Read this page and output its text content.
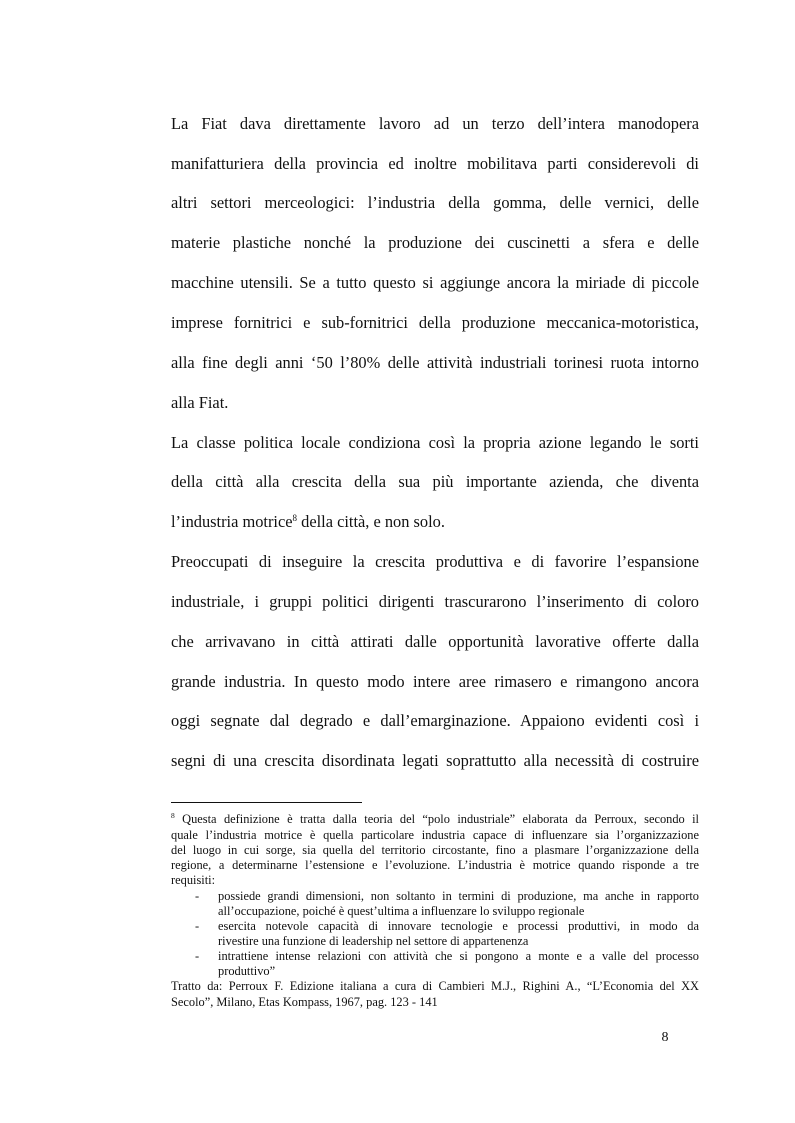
La Fiat dava direttamente lavoro ad un terzo dell’intera manodopera
manifatturiera della provincia ed inoltre mobilitava parti considerevoli di
altri settori merceologici: l’industria della gomma, delle vernici, delle
materie plastiche nonché la produzione dei cuscinetti a sfera e delle
macchine utensili. Se a tutto questo si aggiunge ancora la miriade di piccole
imprese fornitrici e sub-fornitrici della produzione meccanica-motoristica,
alla fine degli anni ‘50 l’80% delle attività industriali torinesi ruota intorno
alla Fiat.
La classe politica locale condiziona così la propria azione legando le sorti
della città alla crescita della sua più importante azienda, che diventa
l’industria motrice$^8$ della città, e non solo.
Preoccupati di inseguire la crescita produttiva e di favorire l’espansione
industriale, i gruppi politici dirigenti trascurarono l’inserimento di coloro
che arrivavano in città attirati dalle opportunità lavorative offerte dalla
grande industria. In questo modo intere aree rimasero e rimangono ancora
oggi segnate dal degrado e dall’emarginazione. Appaiono evidenti così i
segni di una crescita disordinata legati soprattutto alla necessità di costruire
$^8$ Questa definizione è tratta dalla teoria del “polo industriale” elaborata da Perroux, secondo il
quale l’industria motrice è quella particolare industria capace di influenzare sia l’organizzazione
del luogo in cui sorge, sia quella del territorio circostante, fino a plasmare l’organizzazione della
regione, a determinarne l’estensione e l’evoluzione. L’industria è motrice quando risponde a tre
requisiti:
- possiede grandi dimensioni, non soltanto in termini di produzione, ma anche in rapporto
all’occupazione, poiché è quest’ultima a influenzare lo sviluppo regionale
- esercita notevole capacità di innovare tecnologie e processi produttivi, in modo da
rivestire una funzione di leadership nel settore di appartenenza
- intrattiene intense relazioni con attività che si pongono a monte e a valle del processo
produttivo”
Tratto da: Perroux F. Edizione italiana a cura di Cambieri M.J., Righini A., “L’Economia del XX
Secolo”, Milano, Etas Kompass, 1967, pag. 123 - 141
8
